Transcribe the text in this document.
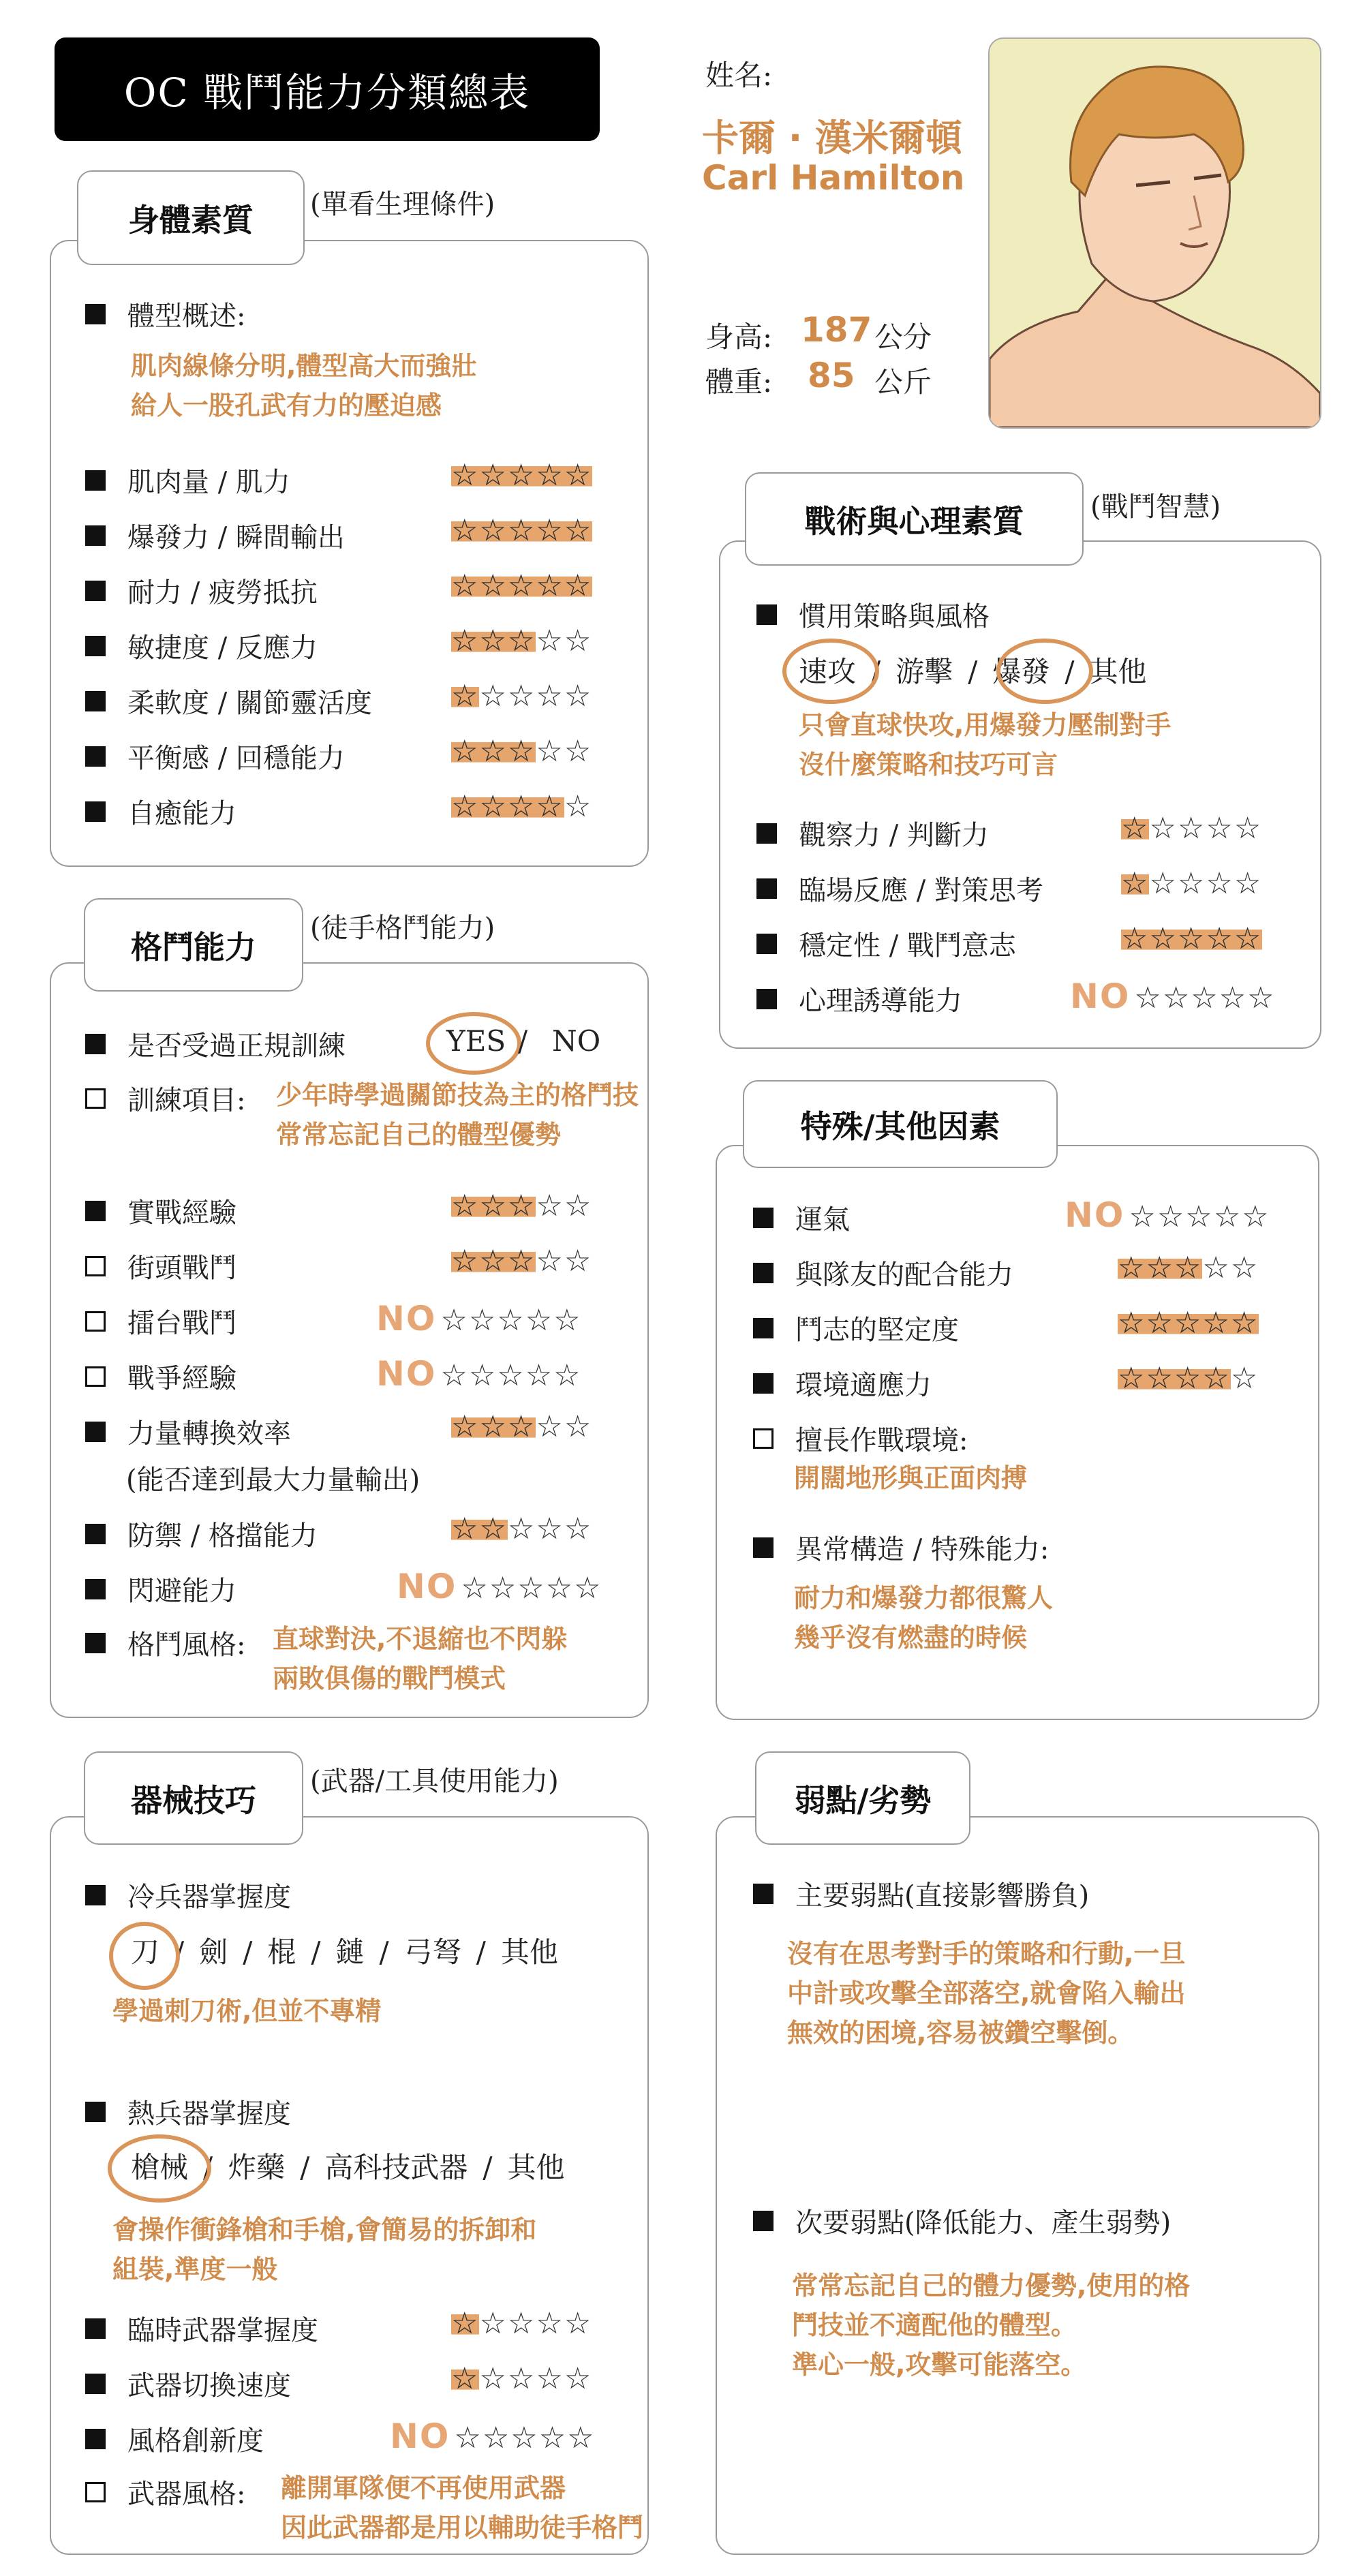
OC 戰鬥能力分類總表	姓名:
卡爾 · 漢米爾頓
Carl Hamilton
身高: 187 公分
體重: 85 公斤
身體素質	(單看生理條件)
體型概述:
肌肉線條分明,體型高大而強壯
給人一股孔武有力的壓迫感
肌肉量 / 肌力	☆☆☆☆☆
爆發力 / 瞬間輸出	☆☆☆☆☆
耐力 / 疲勞抵抗	☆☆☆☆☆
敏捷度 / 反應力	☆☆☆☆☆
柔軟度 / 關節靈活度	☆☆☆☆☆
平衡感 / 回穩能力	☆☆☆☆☆
自癒能力	☆☆☆☆☆
格鬥能力
(徒手格鬥能力)
是否受過正規訓練	YES / NO
訓練項目: 少年時學過關節技為主的格鬥技
常常忘記自己的體型優勢
實戰經驗	☆☆☆☆☆
街頭戰鬥	☆☆☆☆☆
擂台戰鬥	NO ☆☆☆☆☆
戰爭經驗	NO ☆☆☆☆☆
力量轉換效率	☆☆☆☆☆
(能否達到最大力量輸出)
防禦 / 格擋能力	☆☆☆☆☆
閃避能力	NO ☆☆☆☆☆
格鬥風格: 直球對決,不退縮也不閃躲
兩敗俱傷的戰鬥模式
器械技巧
(武器/工具使用能力)
冷兵器掌握度
刀 / 劍 / 棍 / 鏈 / 弓弩 / 其他
學過刺刀術,但並不專精
熱兵器掌握度
槍械 / 炸藥 / 高科技武器 / 其他
會操作衝鋒槍和手槍,會簡易的拆卸和
組裝,準度一般
臨時武器掌握度	☆☆☆☆☆
武器切換速度	☆☆☆☆☆
風格創新度	NO ☆☆☆☆☆
武器風格: 離開軍隊便不再使用武器
因此武器都是用以輔助徒手格鬥
戰術與心理素質	(戰鬥智慧)
慣用策略與風格
速攻 / 游擊 / 爆發 / 其他
只會直球快攻,用爆發力壓制對手
沒什麼策略和技巧可言
觀察力 / 判斷力	☆☆☆☆☆
臨場反應 / 對策思考	☆☆☆☆☆
穩定性 / 戰鬥意志	☆☆☆☆☆
心理誘導能力	NO ☆☆☆☆☆
特殊/其他因素
運氣	NO ☆☆☆☆☆
與隊友的配合能力	☆☆☆☆☆
鬥志的堅定度	☆☆☆☆☆
環境適應力	☆☆☆☆☆
擅長作戰環境:
開闊地形與正面肉搏
異常構造 / 特殊能力:
耐力和爆發力都很驚人
幾乎沒有燃盡的時候
弱點/劣勢
主要弱點(直接影響勝負)
沒有在思考對手的策略和行動,一旦
中計或攻擊全部落空,就會陷入輸出
無效的困境,容易被鑽空擊倒。
次要弱點(降低能力、產生弱勢)
常常忘記自己的體力優勢,使用的格
鬥技並不適配他的體型。
準心一般,攻擊可能落空。
